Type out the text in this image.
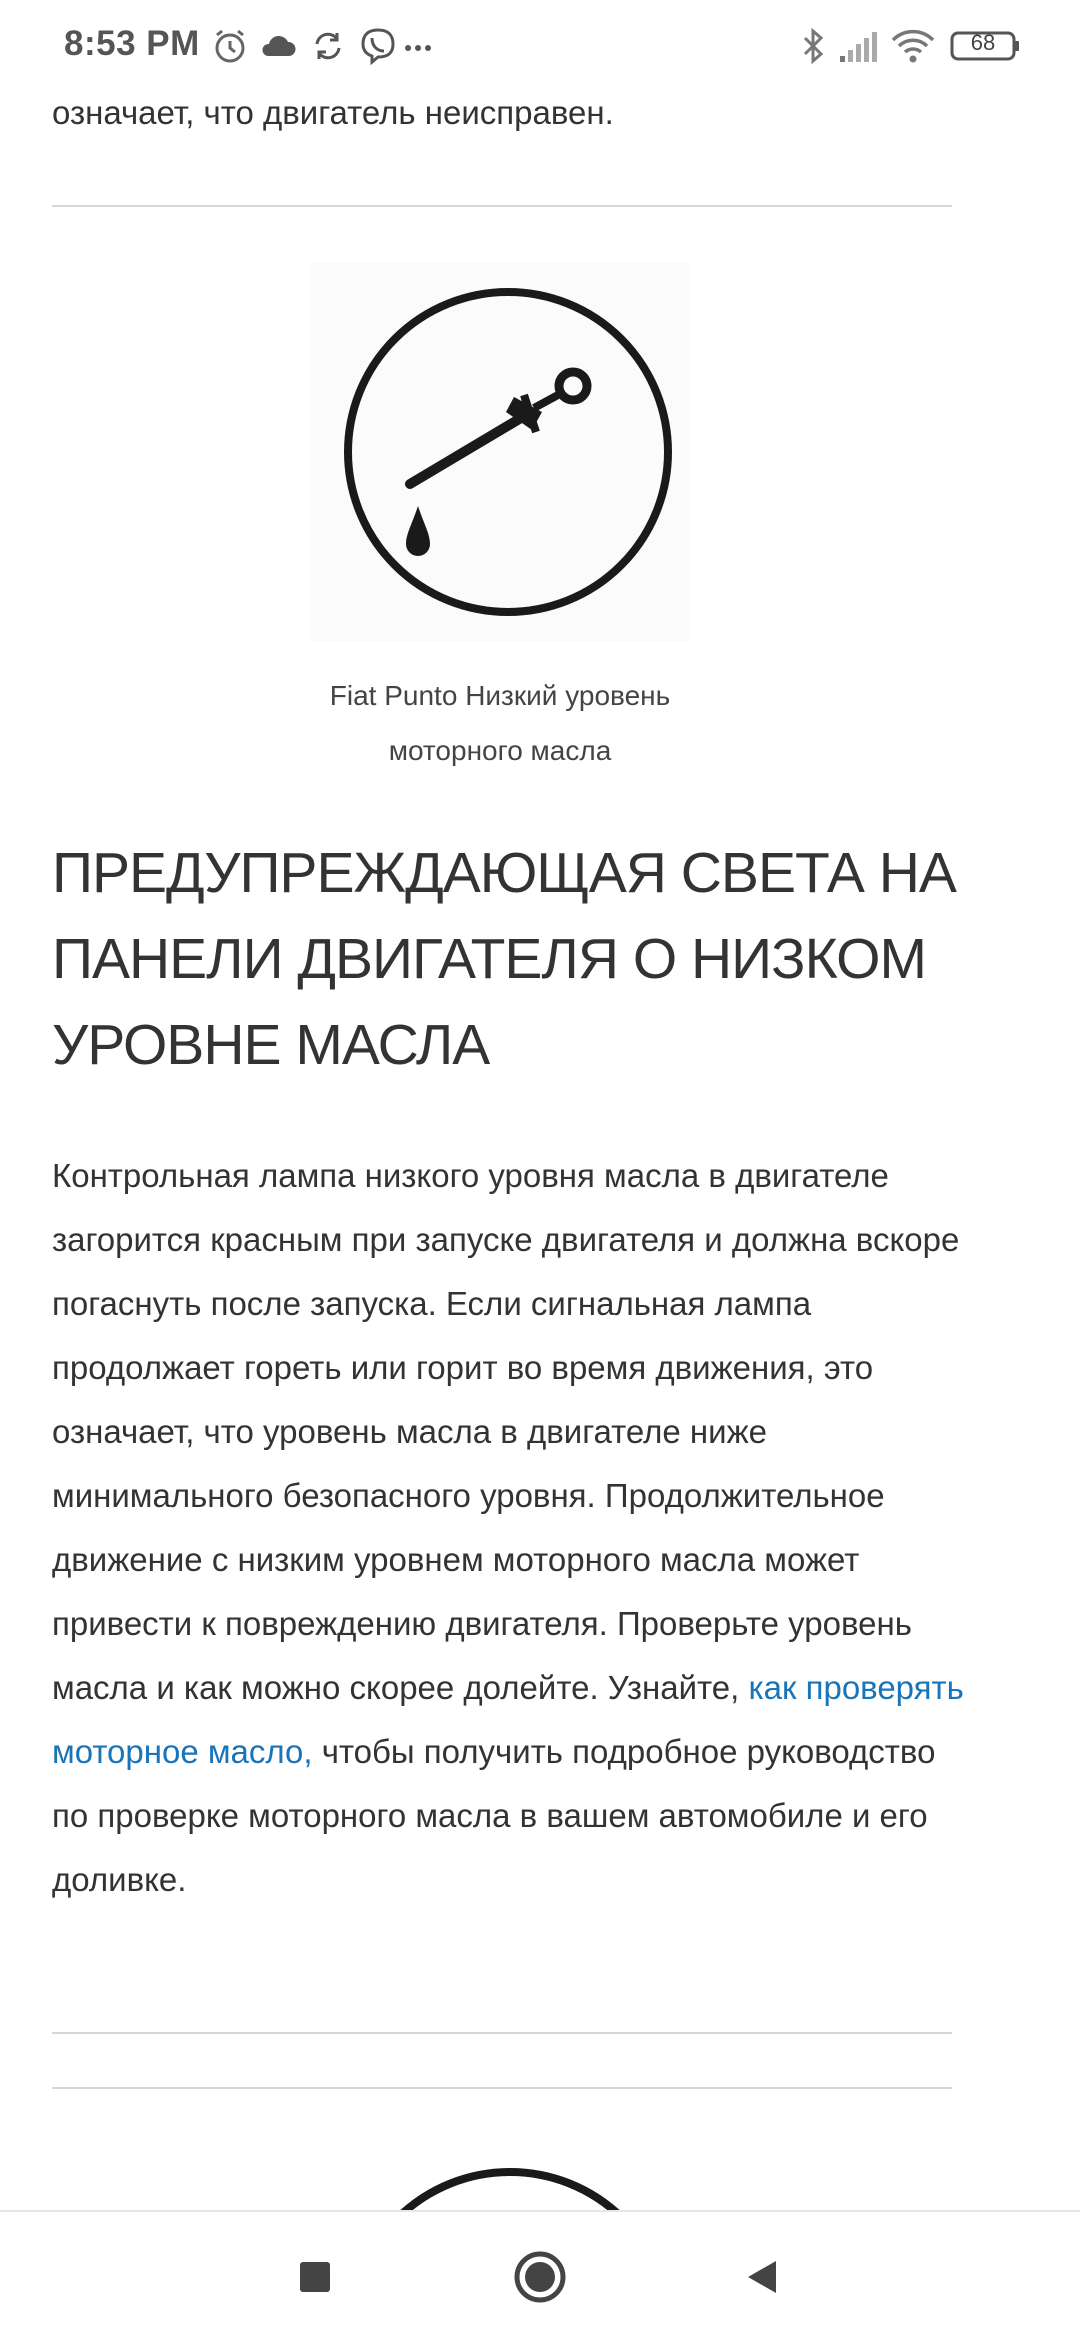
8:53 PM	68
означает, что двигатель неисправен.
Fiat Punto Низкий уровень
моторного масла
ПРЕДУПРЕЖДАЮЩАЯ СВЕТА НА ПАНЕЛИ ДВИГАТЕЛЯ О НИЗКОМ УРОВНЕ МАСЛА
Контрольная лампа низкого уровня масла в двигателе загорится красным при запуске двигателя и должна вскоре погаснуть после запуска. Если сигнальная лампа продолжает гореть или горит во время движения, это означает, что уровень масла в двигателе ниже минимального безопасного уровня. Продолжительное движение с низким уровнем моторного масла может привести к повреждению двигателя. Проверьте уровень масла и как можно скорее долейте. Узнайте, как проверять моторное масло, чтобы получить подробное руководство по проверке моторного масла в вашем автомобиле и его доливке.
